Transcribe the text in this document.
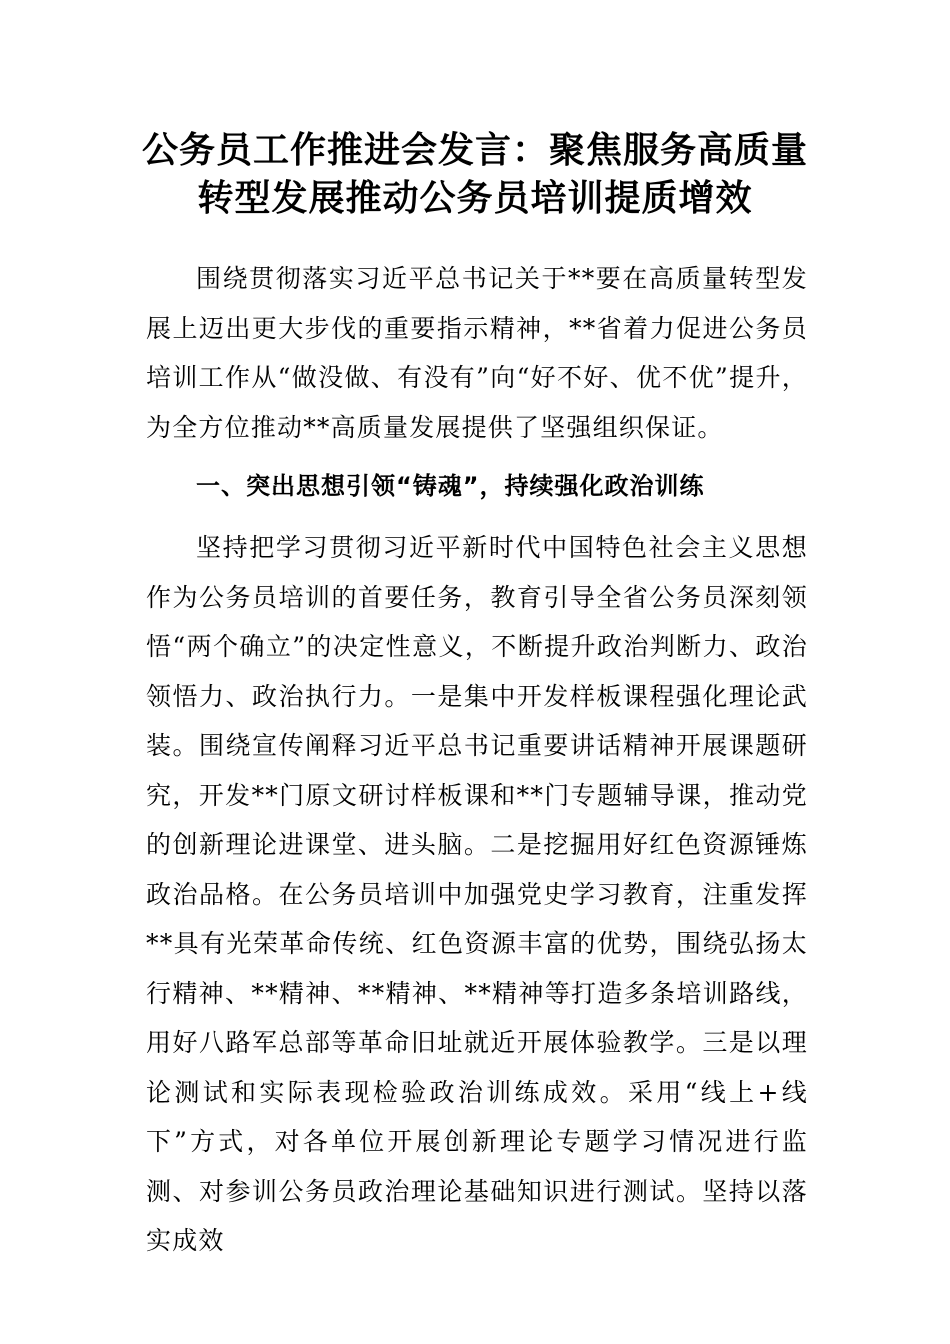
公务员工作推进会发言：聚焦服务高质量
转型发展推动公务员培训提质增效

围绕贯彻落实习近平总书记关于**要在高质量转型发展上迈出更大步伐的重要指示精神，**省着力促进公务员培训工作从“做没做、有没有”向“好不好、优不优”提升，为全方位推动**高质量发展提供了坚强组织保证。

一、突出思想引领“铸魂”，持续强化政治训练

坚持把学习贯彻习近平新时代中国特色社会主义思想作为公务员培训的首要任务，教育引导全省公务员深刻领悟“两个确立”的决定性意义，不断提升政治判断力、政治领悟力、政治执行力。一是集中开发样板课程强化理论武装。围绕宣传阐释习近平总书记重要讲话精神开展课题研究，开发**门原文研讨样板课和**门专题辅导课，推动党的创新理论进课堂、进头脑。二是挖掘用好红色资源锤炼政治品格。在公务员培训中加强党史学习教育，注重发挥**具有光荣革命传统、红色资源丰富的优势，围绕弘扬太行精神、**精神、**精神、**精神等打造多条培训路线，用好八路军总部等革命旧址就近开展体验教学。三是以理论测试和实际表现检验政治训练成效。采用“线上+线下”方式，对各单位开展创新理论专题学习情况进行监测、对参训公务员政治理论基础知识进行测试。坚持以落实成效
